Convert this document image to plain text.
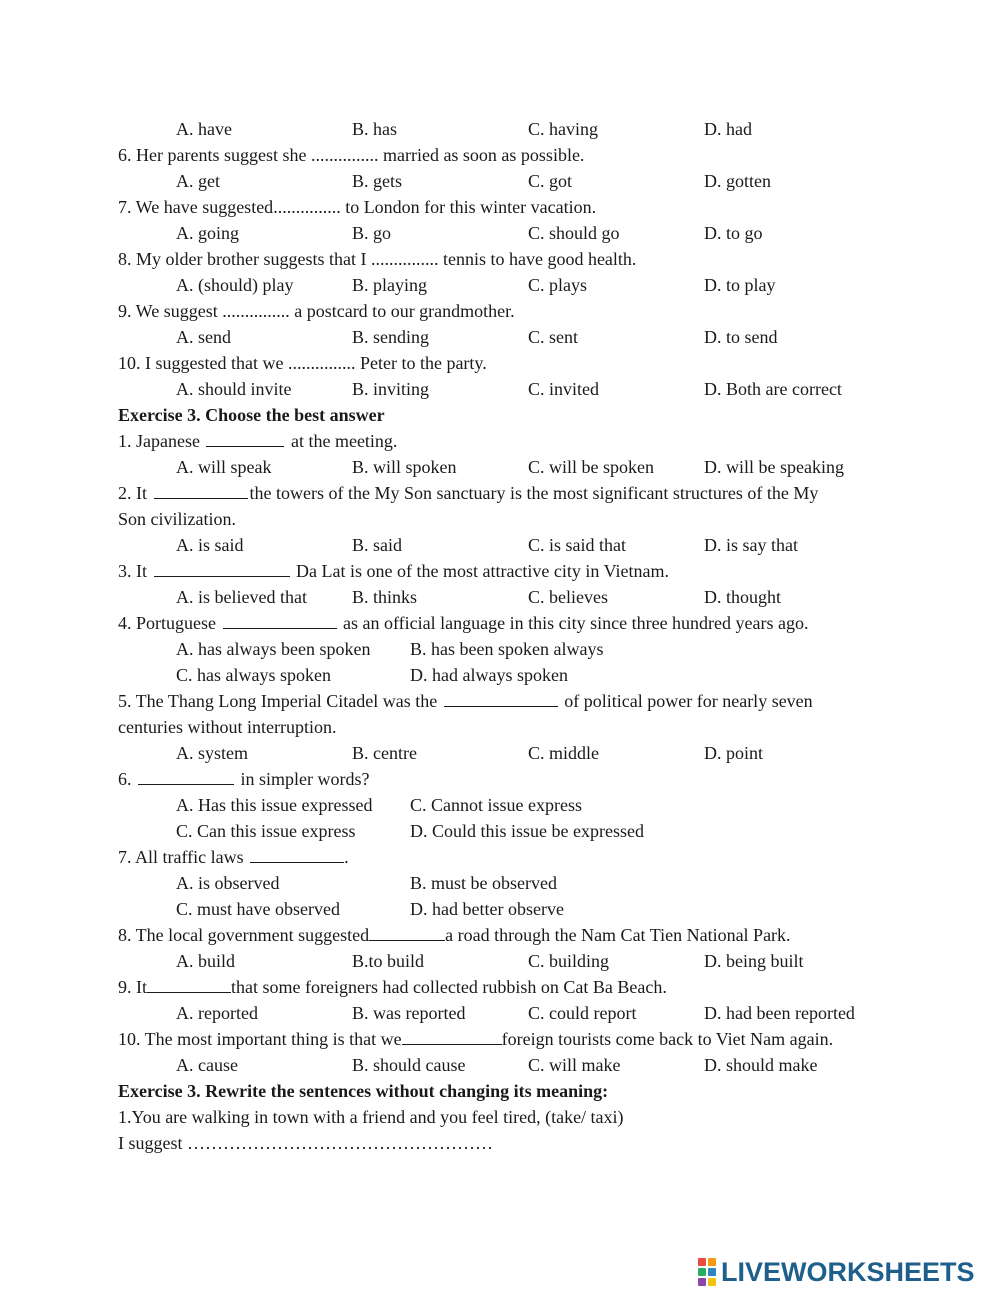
A. have	B. has	C. having	D. had
6. Her parents suggest she ............... married as soon as possible.
A. get	B. gets	C. got	D. gotten
7. We have suggested............... to London for this winter vacation.
A. going	B. go	C. should go	D. to go
8. My older brother suggests that I ............... tennis to have good health.
A. (should) play	B. playing	C. plays	D. to play
9. We suggest ............... a postcard to our grandmother.
A. send	B. sending	C. sent	D. to send
10. I suggested that we ............... Peter to the party.
A. should invite	B. inviting	C. invited	D. Both are correct
Exercise 3. Choose the best answer
1. Japanese	at the meeting.
A. will speak	B. will spoken	C. will be spoken	D. will be speaking
2. It	the towers of the My Son sanctuary is the most significant structures of the My
Son civilization.
A. is said	B. said	C. is said that	D. is say that
3. It	Da Lat is one of the most attractive city in Vietnam.
A. is believed that	B. thinks	C. believes	D. thought
4. Portuguese	as an official language in this city since three hundred years ago.
A. has always been spoken B. has been spoken always
C. has always spoken	D. had always spoken
5. The Thang Long Imperial Citadel was the	of political power for nearly seven
centuries without interruption.
A. system	B. centre	C. middle	D. point
6.	in simpler words?
A. Has this issue expressed C. Cannot issue express
C. Can this issue express	D. Could this issue be expressed
7. All traffic laws	.
A. is observed	B. must be observed
C. must have observed	D. had better observe
8. The local government suggested	a road through the Nam Cat Tien National Park.
A. build	B.to build	C. building	D. being built
9. It	that some foreigners had collected rubbish on Cat Ba Beach.
A. reported	B. was reported	C. could report	D. had been reported
10. The most important thing is that we	foreign tourists come back to Viet Nam again.
A. cause	B. should cause	C. will make	D. should make
Exercise 3. Rewrite the sentences without changing its meaning:
1.You are walking in town with a friend and you feel tired, (take/ taxi)
I suggest ……………………………………………
LIVEWORKSHEETS
